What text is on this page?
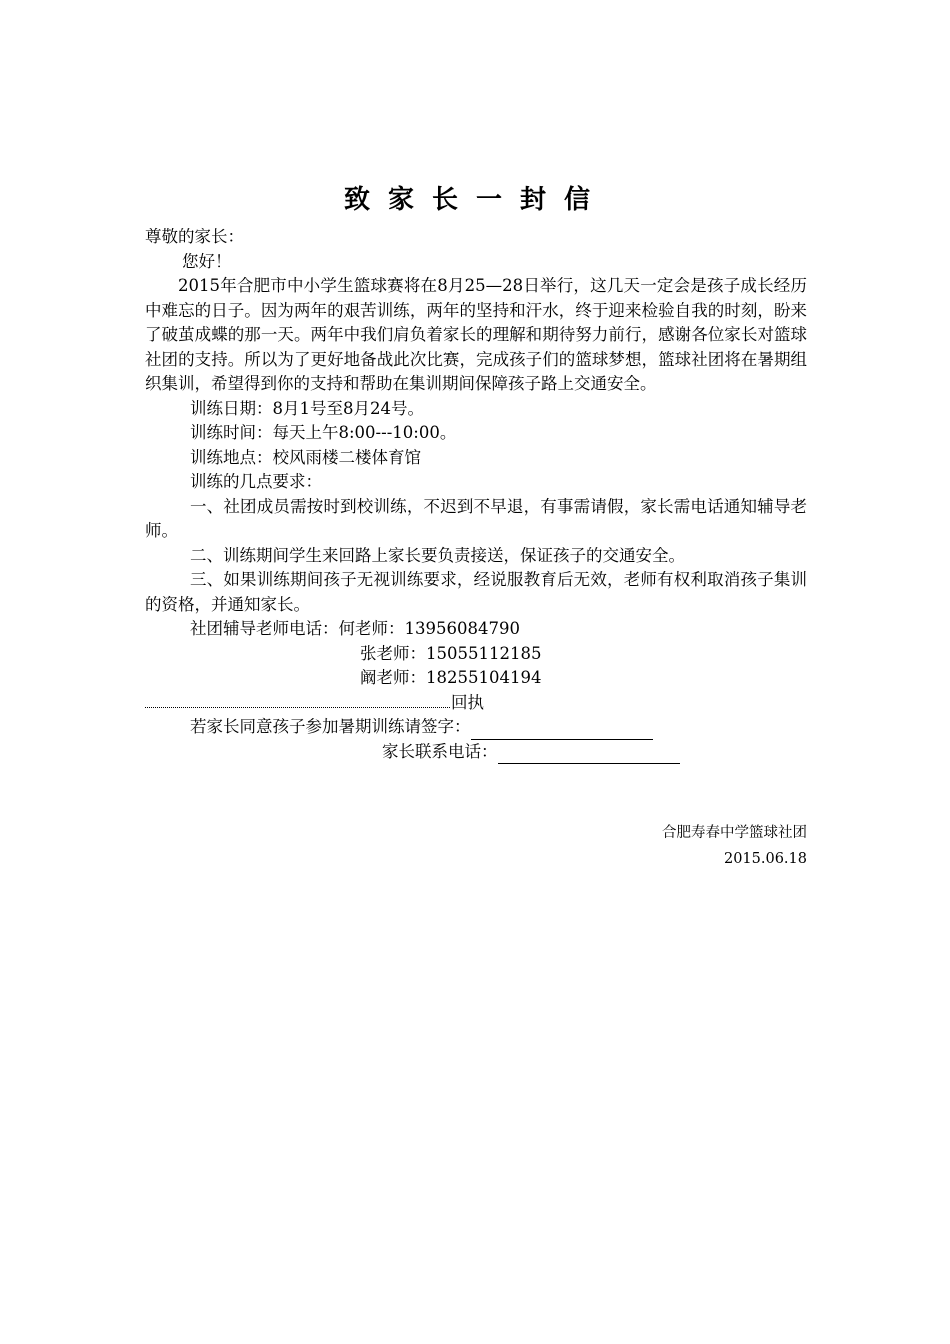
致家长一封信

尊敬的家长：

您好！

2015年合肥市中小学生篮球赛将在8月25—28日举行，这几天一定会是孩子成长经历中难忘的日子。因为两年的艰苦训练，两年的坚持和汗水，终于迎来检验自我的时刻，盼来了破茧成蝶的那一天。两年中我们肩负着家长的理解和期待努力前行，感谢各位家长对篮球社团的支持。所以为了更好地备战此次比赛，完成孩子们的篮球梦想，篮球社团将在暑期组织集训，希望得到你的支持和帮助在集训期间保障孩子路上交通安全。

训练日期：8月1号至8月24号。

训练时间：每天上午8:00---10:00。

训练地点：校风雨楼二楼体育馆

训练的几点要求：

一、社团成员需按时到校训练，不迟到不早退，有事需请假，家长需电话通知辅导老师。

二、训练期间学生来回路上家长要负责接送，保证孩子的交通安全。

三、如果训练期间孩子无视训练要求，经说服教育后无效，老师有权利取消孩子集训的资格，并通知家长。

社团辅导老师电话：何老师：13956084790
张老师：15055112185
阚老师：18255104194
回执
若家长同意孩子参加暑期训练请签字：
家长联系电话：
合肥寿春中学篮球社团
2015.06.18
